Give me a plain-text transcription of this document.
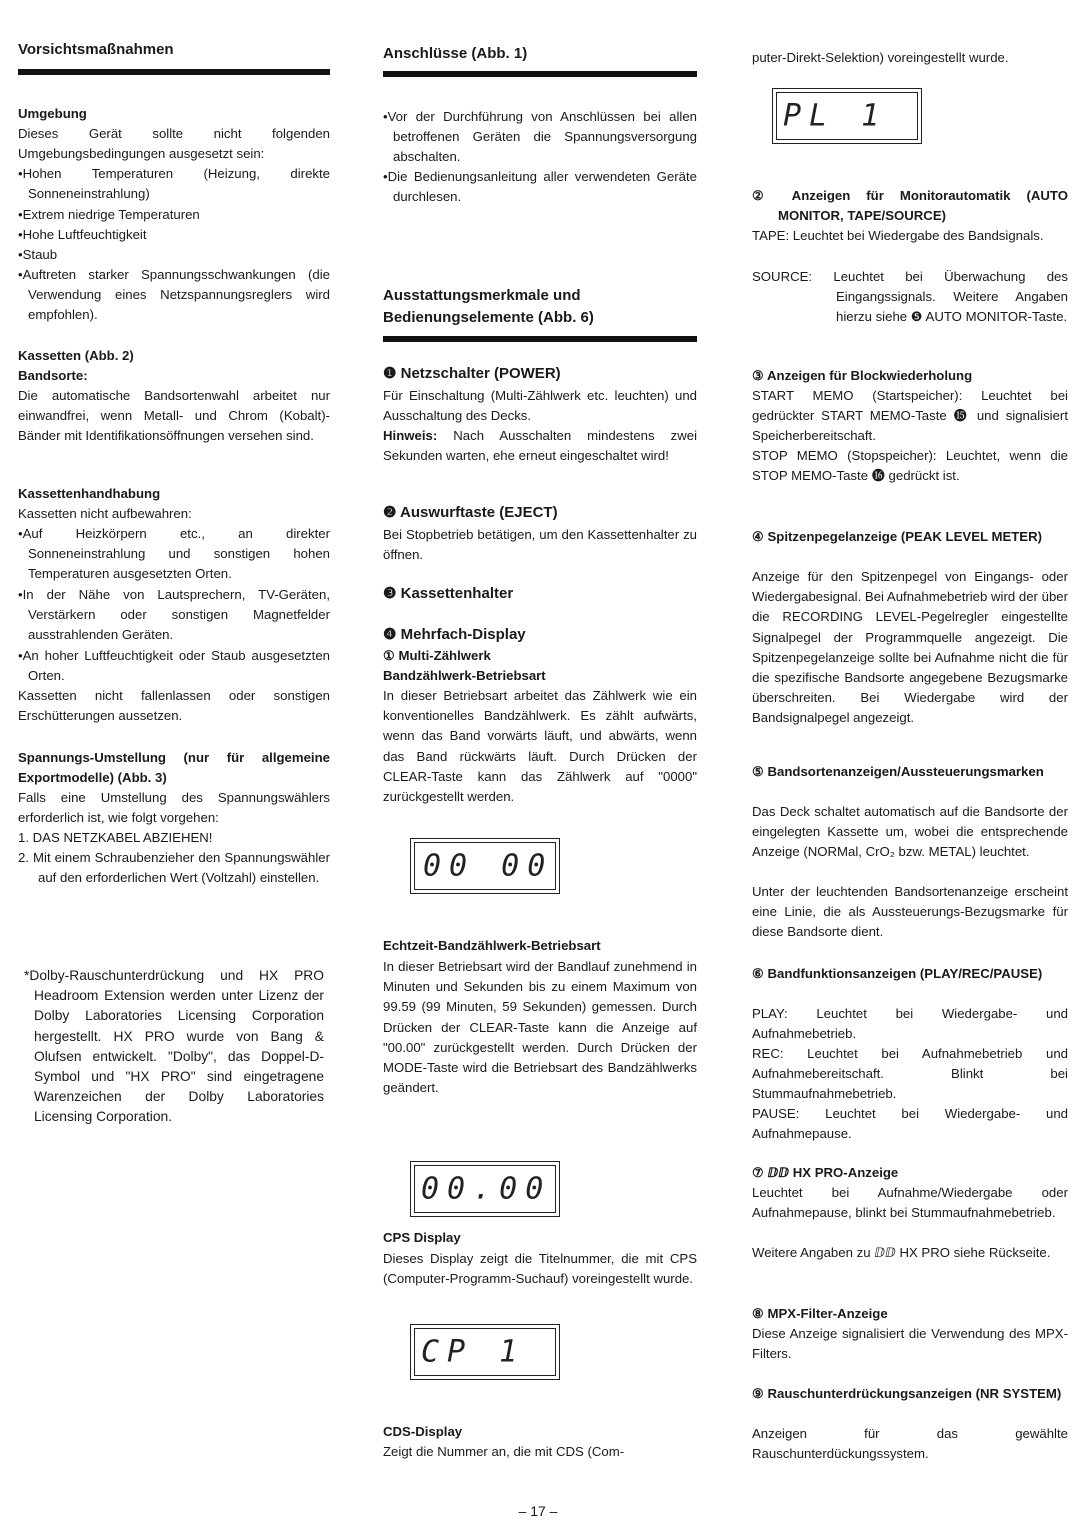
Vorsichtsmaßnahmen
Umgebung
Dieses Gerät sollte nicht folgenden Umgebungsbedingungen ausgesetzt sein:
•Hohen Temperaturen (Heizung, direkte Sonneneinstrahlung)
•Extrem niedrige Temperaturen
•Hohe Luftfeuchtigkeit
•Staub
•Auftreten starker Spannungsschwankungen (die Verwendung eines Netzspannungsreglers wird empfohlen).
Kassetten (Abb. 2)
Bandsorte:
Die automatische Bandsortenwahl arbeitet nur einwandfrei, wenn Metall- und Chrom (Kobalt)-Bänder mit Identifikationsöffnungen versehen sind.
Kassettenhandhabung
Kassetten nicht aufbewahren:
•Auf Heizkörpern etc., an direkter Sonneneinstrahlung und sonstigen hohen Temperaturen ausgesetzten Orten.
•In der Nähe von Lautsprechern, TV-Geräten, Verstärkern oder sonstigen Magnetfelder ausstrahlenden Geräten.
•An hoher Luftfeuchtigkeit oder Staub ausgesetzten Orten.
Kassetten nicht fallenlassen oder sonstigen Erschütterungen aussetzen.
Spannungs-Umstellung (nur für allgemeine Exportmodelle) (Abb. 3)
Falls eine Umstellung des Spannungswählers erforderlich ist, wie folgt vorgehen:
1. DAS NETZKABEL ABZIEHEN!
2. Mit einem Schraubenzieher den Spannungswähler auf den erforderlichen Wert (Voltzahl) einstellen.
*Dolby-Rauschunterdrückung und HX PRO Headroom Extension werden unter Lizenz der Dolby Laboratories Licensing Corporation hergestellt. HX PRO wurde von Bang & Olufsen entwickelt. "Dolby", das Doppel-D-Symbol und "HX PRO" sind eingetragene Warenzeichen der Dolby Laboratories Licensing Corporation.
Anschlüsse (Abb. 1)
•Vor der Durchführung von Anschlüssen bei allen betroffenen Geräten die Spannungsversorgung abschalten.
•Die Bedienungsanleitung aller verwendeten Geräte durchlesen.
Ausstattungsmerkmale und
Bedienungselemente (Abb. 6)
❶ Netzschalter (POWER)
Für Einschaltung (Multi-Zählwerk etc. leuchten) und Ausschaltung des Decks.
Hinweis: Nach Ausschalten mindestens zwei Sekunden warten, ehe erneut eingeschaltet wird!
❷ Auswurftaste (EJECT)
Bei Stopbetrieb betätigen, um den Kassettenhalter zu öffnen.
❸ Kassettenhalter
❹ Mehrfach-Display
① Multi-Zählwerk
Bandzählwerk-Betriebsart
In dieser Betriebsart arbeitet das Zählwerk wie ein konventionelles Bandzählwerk. Es zählt aufwärts, wenn das Band vorwärts läuft, und abwärts, wenn das Band rückwärts läuft. Durch Drücken der CLEAR-Taste kann das Zählwerk auf "0000" zurückgestellt werden.
00 00
Echtzeit-Bandzählwerk-Betriebsart
In dieser Betriebsart wird der Bandlauf zunehmend in Minuten und Sekunden bis zu einem Maximum von 99.59 (99 Minuten, 59 Sekunden) gemessen. Durch Drücken der CLEAR-Taste kann die Anzeige auf "00.00" zurückgestellt werden. Durch Drücken der MODE-Taste wird die Betriebsart des Bandzählwerks geändert.
00.00
CPS Display
Dieses Display zeigt die Titelnummer, die mit CPS (Computer-Programm-Suchauf) voreingestellt wurde.
CP 1
CDS-Display
Zeigt die Nummer an, die mit CDS (Com-
puter-Direkt-Selektion) voreingestellt wurde.
PL 1
② Anzeigen für Monitorautomatik (AUTO MONITOR, TAPE/SOURCE)
TAPE: Leuchtet bei Wiedergabe des Bandsignals.
SOURCE: Leuchtet bei Überwachung des Eingangssignals. Weitere Angaben hierzu siehe ❺ AUTO MONITOR-Taste.
③ Anzeigen für Blockwiederholung
START MEMO (Startspeicher): Leuchtet bei gedrückter START MEMO-Taste ⓯ und signalisiert Speicherbereitschaft.
STOP MEMO (Stopspeicher): Leuchtet, wenn die STOP MEMO-Taste ⓰ gedrückt ist.
④ Spitzenpegelanzeige (PEAK LEVEL METER)
Anzeige für den Spitzenpegel von Eingangs- oder Wiedergabesignal. Bei Aufnahmebetrieb wird der über die RECORDING LEVEL-Pegelregler eingestellte Signalpegel der Programmquelle angezeigt. Die Spitzenpegelanzeige sollte bei Aufnahme nicht die für die spezifische Bandsorte angegebene Bezugsmarke überschreiten. Bei Wiedergabe wird der Bandsignalpegel angezeigt.
⑤ Bandsortenanzeigen/Aussteuerungsmarken
Das Deck schaltet automatisch auf die Bandsorte der eingelegten Kassette um, wobei die entsprechende Anzeige (NORMal, CrO₂ bzw. METAL) leuchtet.
Unter der leuchtenden Bandsortenanzeige erscheint eine Linie, die als Aussteuerungs-Bezugsmarke für diese Bandsorte dient.
⑥ Bandfunktionsanzeigen (PLAY/REC/PAUSE)
PLAY: Leuchtet bei Wiedergabe- und Aufnahmebetrieb.
REC: Leuchtet bei Aufnahmebetrieb und Aufnahmebereitschaft. Blinkt bei Stummaufnahmebetrieb.
PAUSE: Leuchtet bei Wiedergabe- und Aufnahmepause.
⑦ ⅅⅅ HX PRO-Anzeige
Leuchtet bei Aufnahme/Wiedergabe oder Aufnahmepause, blinkt bei Stummaufnahmebetrieb.
Weitere Angaben zu ⅅⅅ HX PRO siehe Rückseite.
⑧ MPX-Filter-Anzeige
Diese Anzeige signalisiert die Verwendung des MPX-Filters.
⑨ Rauschunterdrückungsanzeigen (NR SYSTEM)
Anzeigen für das gewählte Rauschunterdückungssystem.
– 17 –
